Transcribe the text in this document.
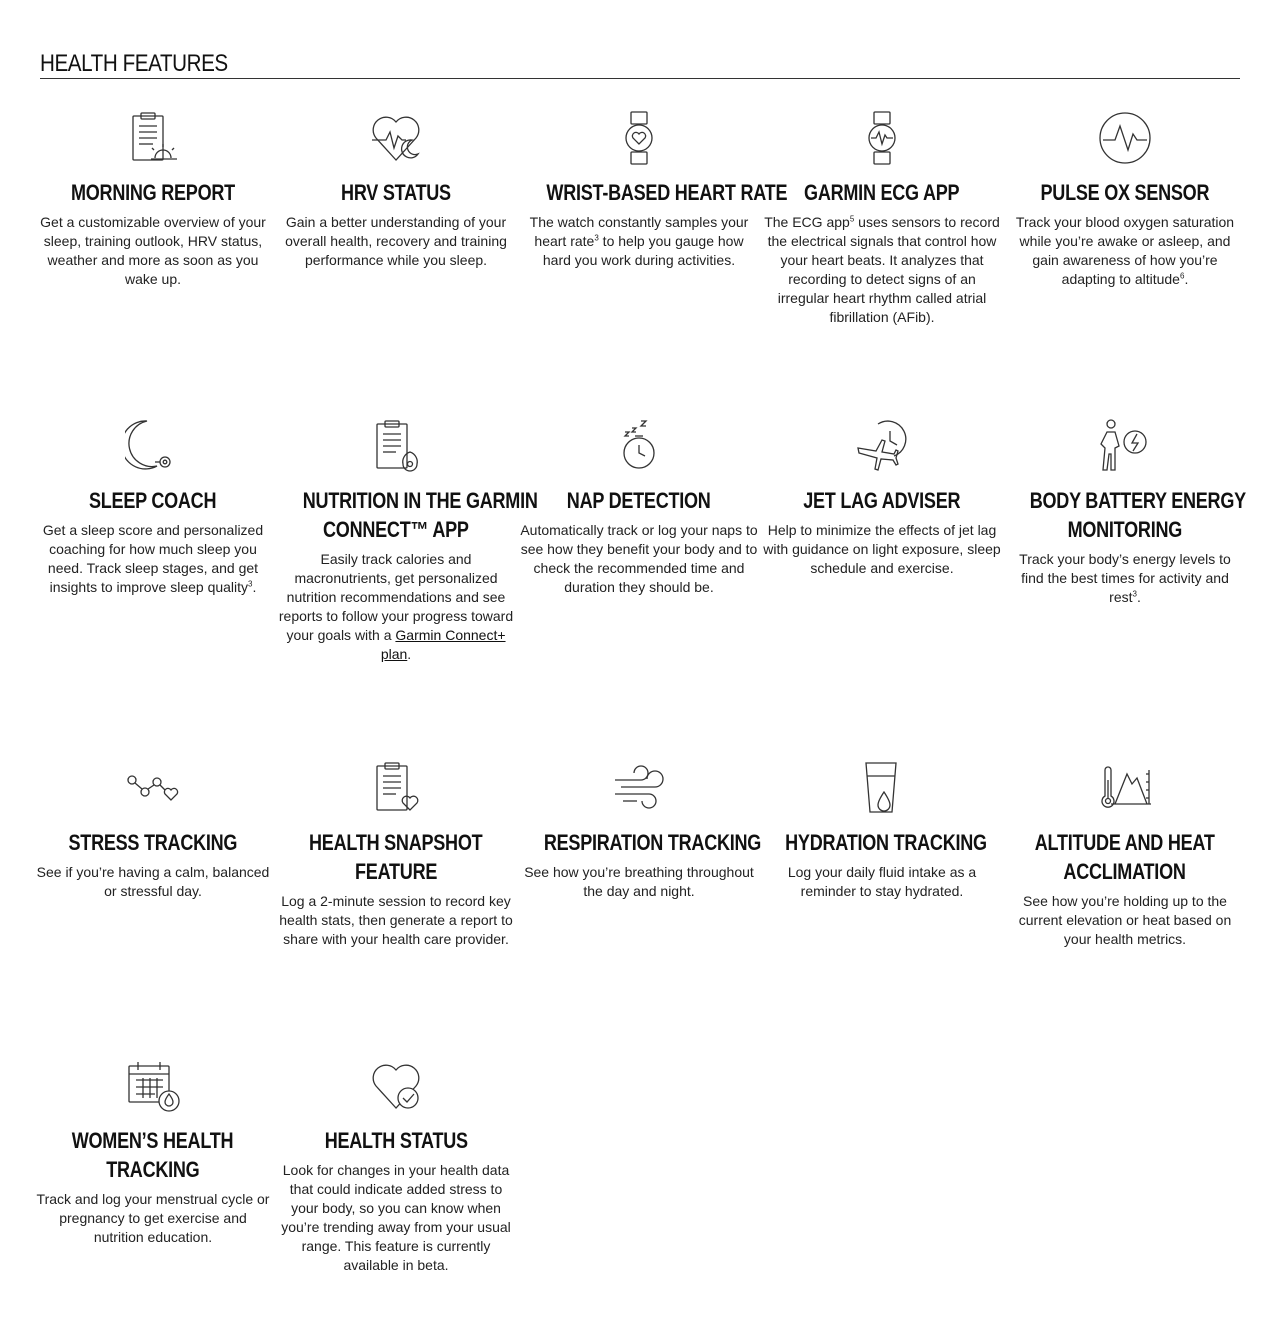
HEALTH FEATURES
MORNING REPORT

Get a customizable overview of your sleep, training outlook, HRV status, weather and more as soon as you wake up.

HRV STATUS

Gain a better understanding of your overall health, recovery and training performance while you sleep.

WRIST-BASED HEART RATE

The watch constantly samples your heart rate$^3$ to help you gauge how hard you work during activities.

GARMIN ECG APP

The ECG app$^5$ uses sensors to record the electrical signals that control how your heart beats. It analyzes that recording to detect signs of an irregular heart rhythm called atrial fibrillation (AFib).

PULSE OX SENSOR

Track your blood oxygen saturation while you’re awake or asleep, and gain awareness of how you’re adapting to altitude$^6$.

SLEEP COACH

Get a sleep score and personalized coaching for how much sleep you need. Track sleep stages, and get insights to improve sleep quality$^3$.

NUTRITION IN THE GARMIN
CONNECT™ APP

Easily track calories and macronutrients, get personalized nutrition recommendations and see reports to follow your progress toward your goals with a Garmin Connect+ plan.

NAP DETECTION

Automatically track or log your naps to see how they benefit your body and to check the recommended time and duration they should be.

JET LAG ADVISER

Help to minimize the effects of jet lag with guidance on light exposure, sleep schedule and exercise.

BODY BATTERY ENERGY
MONITORING

Track your body’s energy levels to find the best times for activity and rest$^3$.

STRESS TRACKING

See if you’re having a calm, balanced or stressful day.

HEALTH SNAPSHOT
FEATURE

Log a 2-minute session to record key health stats, then generate a report to share with your health care provider.

RESPIRATION TRACKING

See how you’re breathing throughout the day and night.

HYDRATION TRACKING

Log your daily fluid intake as a reminder to stay hydrated.

ALTITUDE AND HEAT
ACCLIMATION

See how you’re holding up to the current elevation or heat based on your health metrics.

WOMEN’S HEALTH
TRACKING

Track and log your menstrual cycle or pregnancy to get exercise and nutrition education.

HEALTH STATUS

Look for changes in your health data that could indicate added stress to your body, so you can know when you’re trending away from your usual range. This feature is currently available in beta.
